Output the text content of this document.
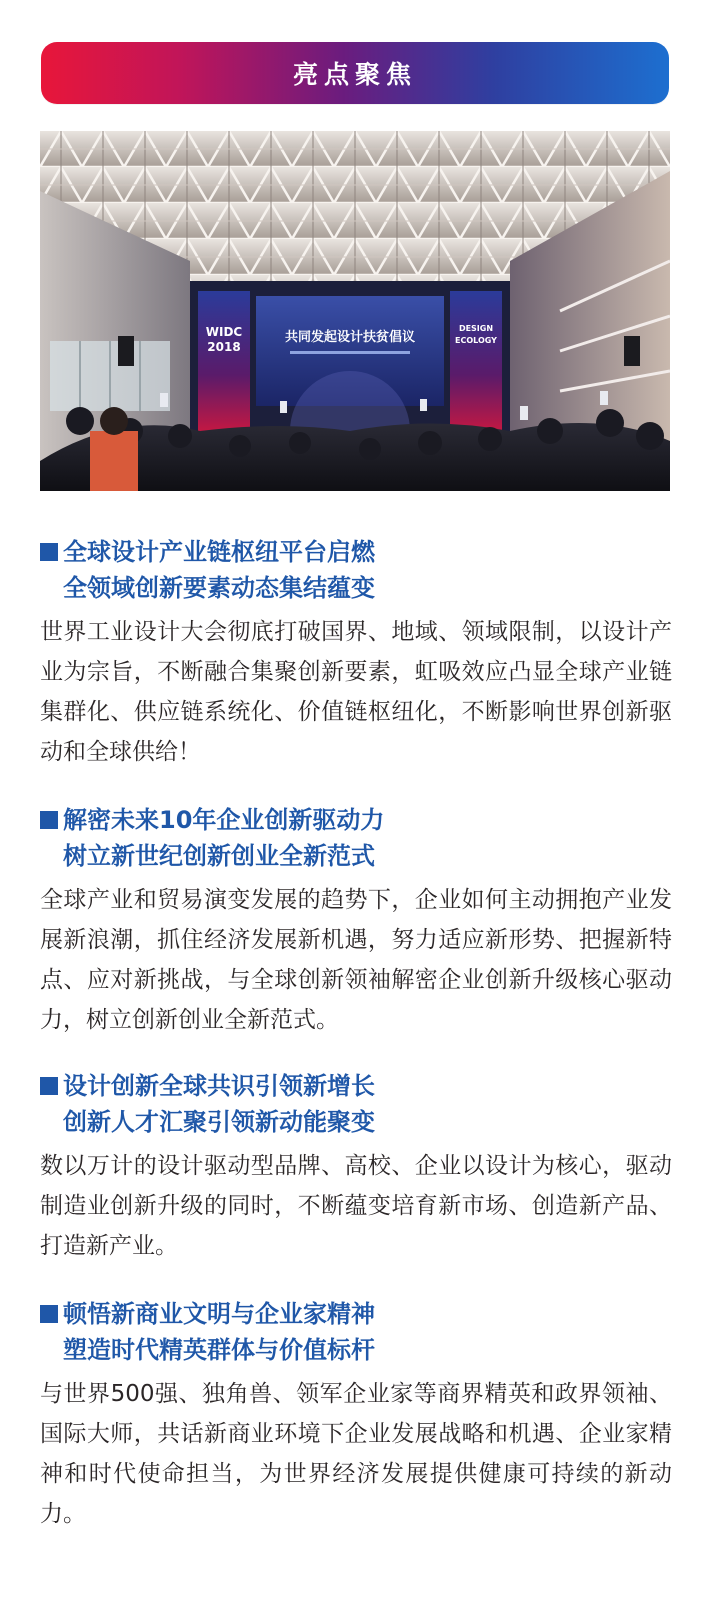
亮点聚焦
WIDC
2018
DESIGN
ECOLOGY
共同发起设计扶贫倡议
全球设计产业链枢纽平台启燃
全领域创新要素动态集结蕴变
世界工业设计大会彻底打破国界、地域、领域限制，以设计产业为宗旨，不断融合集聚创新要素，虹吸效应凸显全球产业链集群化、供应链系统化、价值链枢纽化，不断影响世界创新驱动和全球供给！
解密未来10年企业创新驱动力
树立新世纪创新创业全新范式
全球产业和贸易演变发展的趋势下，企业如何主动拥抱产业发展新浪潮，抓住经济发展新机遇，努力适应新形势、把握新特点、应对新挑战，与全球创新领袖解密企业创新升级核心驱动力，树立创新创业全新范式。
设计创新全球共识引领新增长
创新人才汇聚引领新动能聚变
数以万计的设计驱动型品牌、高校、企业以设计为核心，驱动制造业创新升级的同时，不断蕴变培育新市场、创造新产品、打造新产业。
顿悟新商业文明与企业家精神
塑造时代精英群体与价值标杆
与世界500强、独角兽、领军企业家等商界精英和政界领袖、国际大师，共话新商业环境下企业发展战略和机遇、企业家精神和时代使命担当，为世界经济发展提供健康可持续的新动力。
